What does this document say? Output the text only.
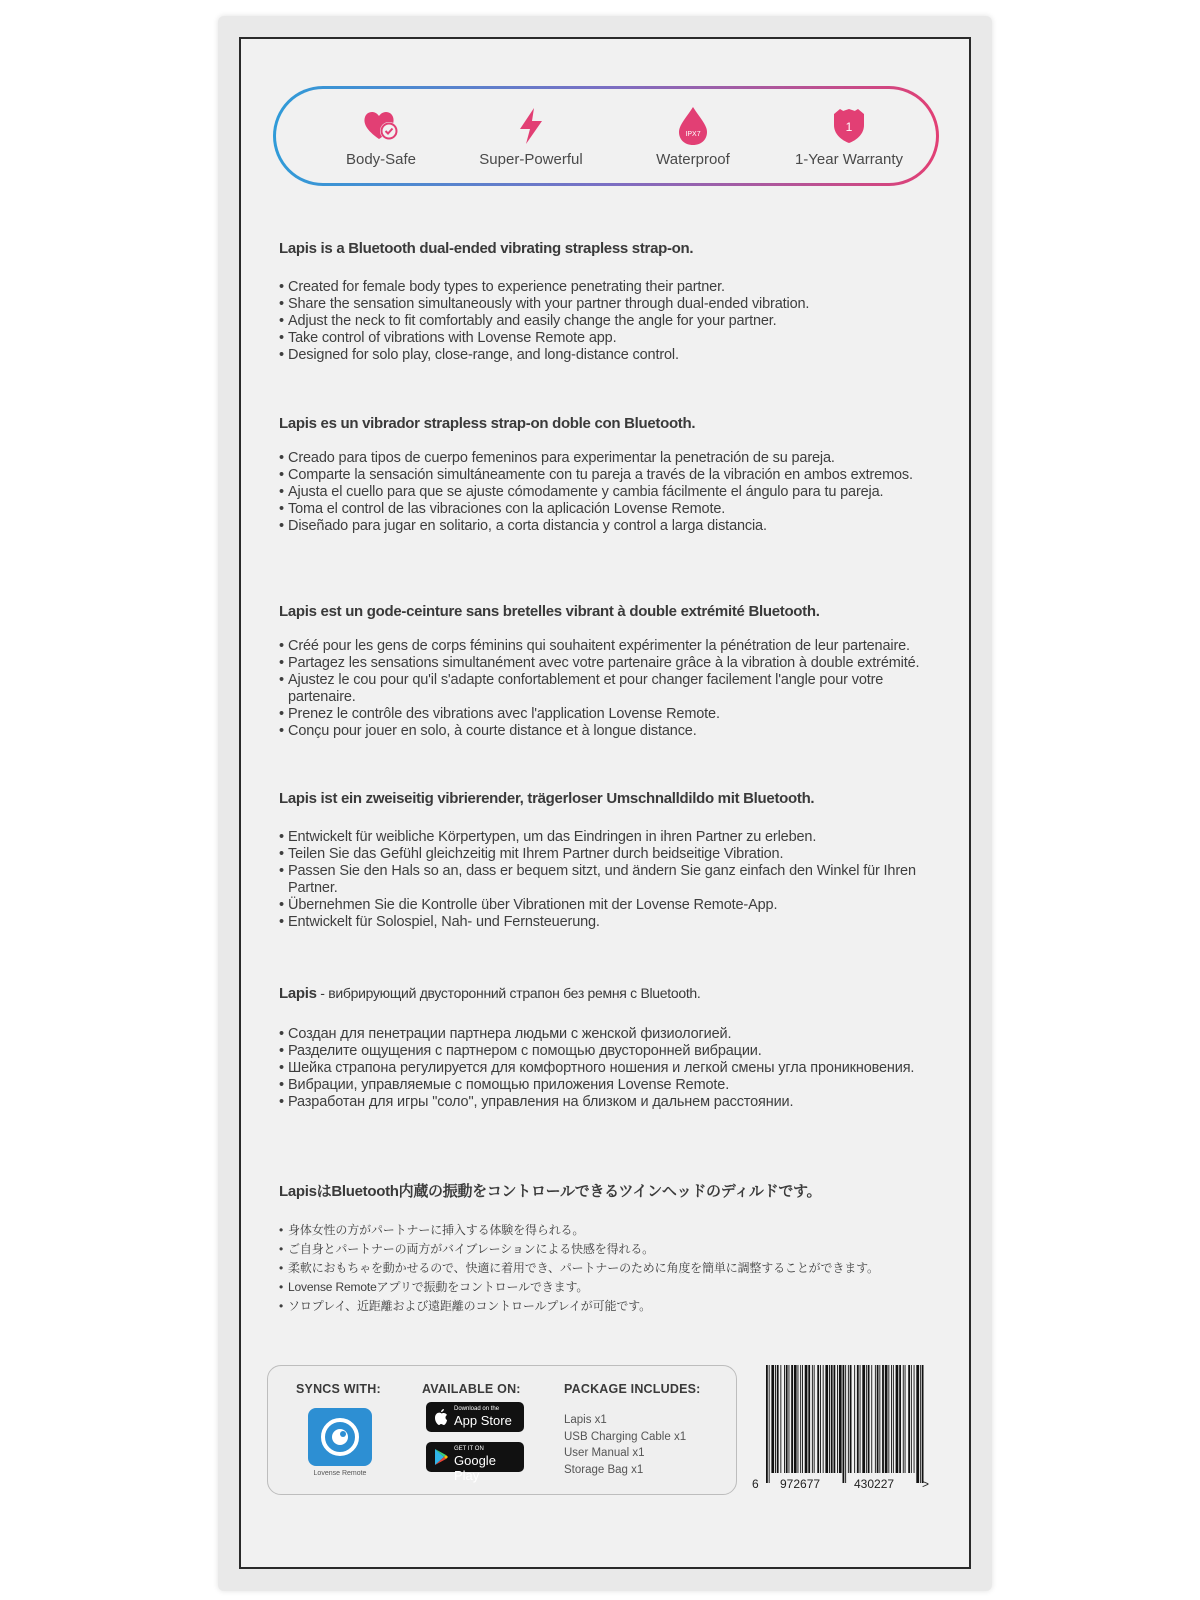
Body-Safe	Super-Powerful
IPX7
Waterproof
1
1-Year Warranty
Lapis is a Bluetooth dual-ended vibrating strapless strap-on.
• Created for female body types to experience penetrating their partner.
• Share the sensation simultaneously with your partner through dual-ended vibration.
• Adjust the neck to fit comfortably and easily change the angle for your partner.
• Take control of vibrations with Lovense Remote app.
• Designed for solo play, close-range, and long-distance control.
Lapis es un vibrador strapless strap-on doble con Bluetooth.
• Creado para tipos de cuerpo femeninos para experimentar la penetración de su pareja.
• Comparte la sensación simultáneamente con tu pareja a través de la vibración en ambos extremos.
• Ajusta el cuello para que se ajuste cómodamente y cambia fácilmente el ángulo para tu pareja.
• Toma el control de las vibraciones con la aplicación Lovense Remote.
• Diseñado para jugar en solitario, a corta distancia y control a larga distancia.
Lapis est un gode-ceinture sans bretelles vibrant à double extrémité Bluetooth.
• Créé pour les gens de corps féminins qui souhaitent expérimenter la pénétration de leur partenaire.
• Partagez les sensations simultanément avec votre partenaire grâce à la vibration à double extrémité.
• Ajustez le cou pour qu'il s'adapte confortablement et pour changer facilement l'angle pour votre partenaire.
• Prenez le contrôle des vibrations avec l'application Lovense Remote.
• Conçu pour jouer en solo, à courte distance et à longue distance.
Lapis ist ein zweiseitig vibrierender, trägerloser Umschnalldildo mit Bluetooth.
• Entwickelt für weibliche Körpertypen, um das Eindringen in ihren Partner zu erleben.
• Teilen Sie das Gefühl gleichzeitig mit Ihrem Partner durch beidseitige Vibration.
• Passen Sie den Hals so an, dass er bequem sitzt, und ändern Sie ganz einfach den Winkel für Ihren Partner.
• Übernehmen Sie die Kontrolle über Vibrationen mit der Lovense Remote-App.
• Entwickelt für Solospiel, Nah- und Fernsteuerung.
Lapis - вибрирующий двусторонний страпон без ремня с Bluetooth.
• Создан для пенетрации партнера людьми с женской физиологией.
• Разделите ощущения с партнером с помощью двусторонней вибрации.
• Шейка страпона регулируется для комфортного ношения и легкой смены угла проникновения.
• Вибрации, управляемые с помощью приложения Lovense Remote.
• Разработан для игры "соло", управления на близком и дальнем расстоянии.
LapisはBluetooth内蔵の振動をコントロールできるツインヘッドのディルドです。
• 身体女性の方がパートナーに挿入する体験を得られる。
• ご自身とパートナーの両方がバイブレーションによる快感を得れる。
• 柔軟におもちゃを動かせるので、快適に着用でき、パートナーのために角度を簡単に調整することができます。
• Lovense Remoteアプリで振動をコントロールできます。
• ソロプレイ、近距離および遠距離のコントロールプレイが可能です。
SYNCS WITH:
Lovense Remote
AVAILABLE ON:
Download on the
App Store
GET IT ON
Google Play
PACKAGE INCLUDES:
Lapis x1
USB Charging Cable x1
User Manual x1
Storage Bag x1
6 972677	430227 >
